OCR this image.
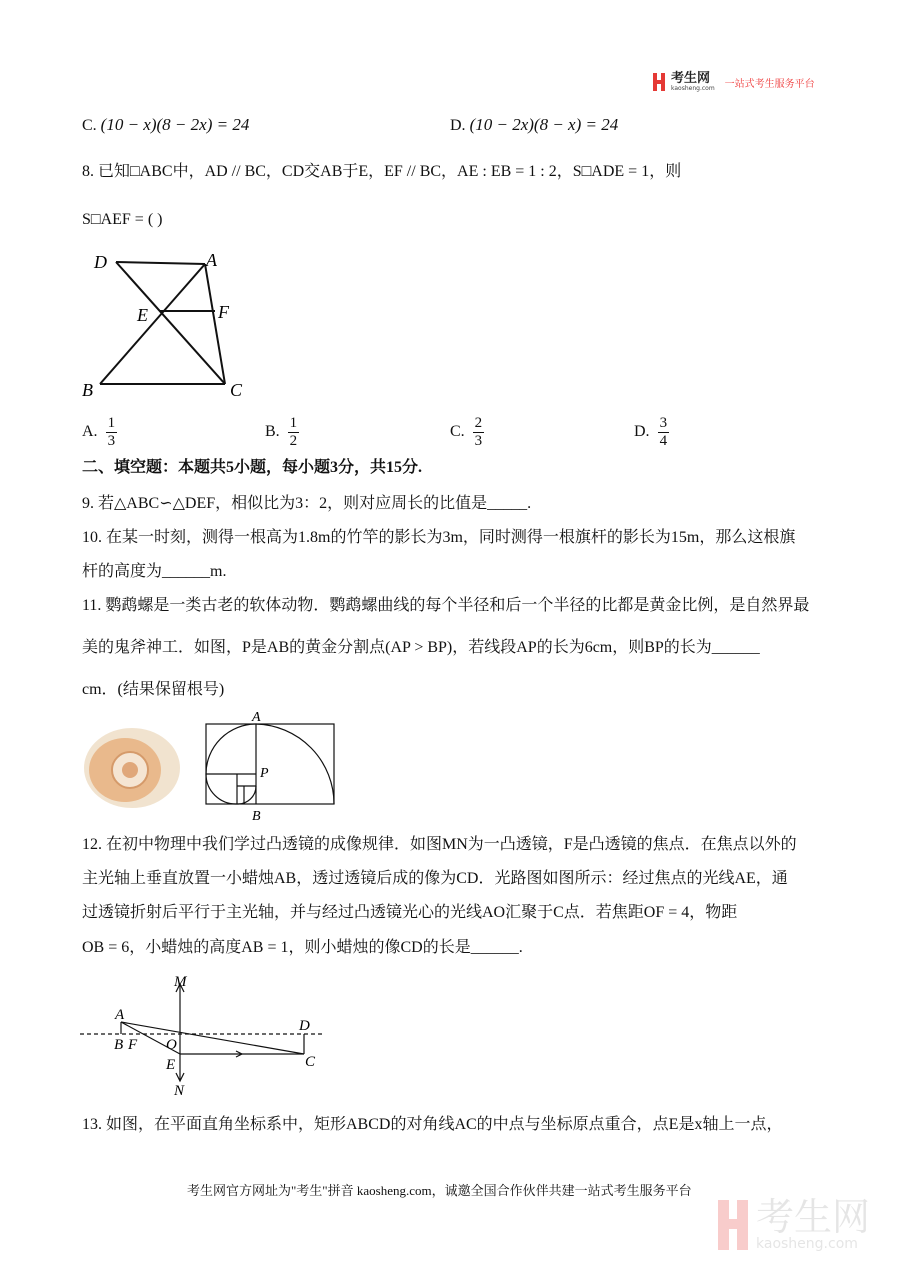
考生网
kaosheng.com 一站式考生服务平台
C. (10 − x)(8 − 2x) = 24	D. (10 − 2x)(8 − x) = 24
8. 已知□ABC中，AD // BC，CD交AB于E，EF // BC，AE : EB = 1 : 2，S□ADE = 1，则
S□AEF = ( )
D	A
E	F
B	C
A. $\frac{1}{3}$	B. $\frac{1}{2}$	C. $\frac{2}{3}$	D. $\frac{3}{4}$
二、填空题：本题共5小题，每小题3分，共15分.
9. 若△ABC∽△DEF，相似比为3：2，则对应周长的比值是_____.
10. 在某一时刻，测得一根高为1.8m的竹竿的影长为3m，同时测得一根旗杆的影长为15m，那么这根旗
杆的高度为______m.
11. 鹦鹉螺是一类古老的软体动物．鹦鹉螺曲线的每个半径和后一个半径的比都是黄金比例，是自然界最
美的鬼斧神工．如图，P是AB的黄金分割点(AP > BP)，若线段AP的长为6cm，则BP的长为______
cm．(结果保留根号)
A
P
B
12. 在初中物理中我们学过凸透镜的成像规律．如图MN为一凸透镜，F是凸透镜的焦点．在焦点以外的
主光轴上垂直放置一小蜡烛AB，透过透镜后成的像为CD．光路图如图所示：经过焦点的光线AE，通
过透镜折射后平行于主光轴，并与经过凸透镜光心的光线AO汇聚于C点．若焦距OF = 4，物距
OB = 6，小蜡烛的高度AB = 1，则小蜡烛的像CD的长是______.
M
N
A
B F O
E
D
C
13. 如图，在平面直角坐标系中，矩形ABCD的对角线AC的中点与坐标原点重合，点E是x轴上一点，
考生网官方网址为"考生"拼音 kaosheng.com，诚邀全国合作伙伴共建一站式考生服务平台
考生网
kaosheng.com
